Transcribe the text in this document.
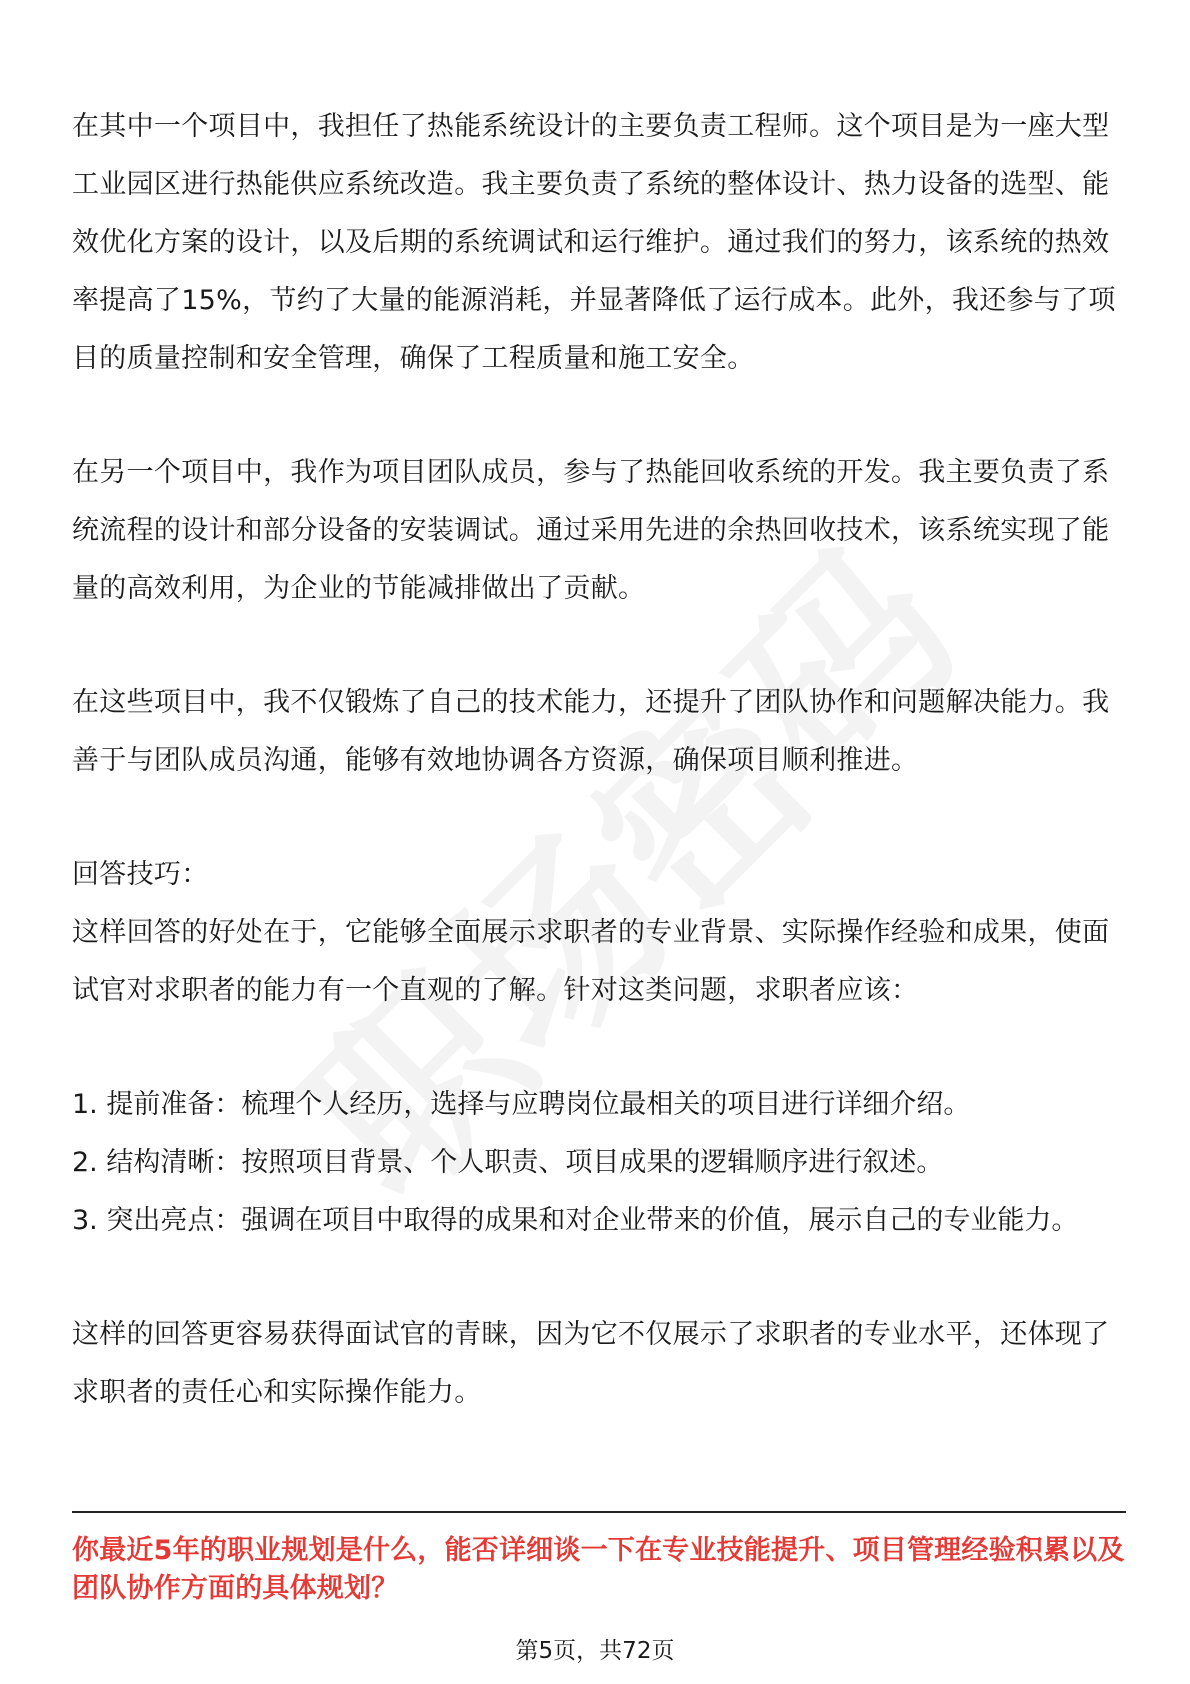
在其中一个项目中，我担任了热能系统设计的主要负责工程师。这个项目是为一座大型工业园区进行热能供应系统改造。我主要负责了系统的整体设计、热力设备的选型、能效优化方案的设计，以及后期的系统调试和运行维护。通过我们的努力，该系统的热效率提高了15%，节约了大量的能源消耗，并显著降低了运行成本。此外，我还参与了项目的质量控制和安全管理，确保了工程质量和施工安全。

在另一个项目中，我作为项目团队成员，参与了热能回收系统的开发。我主要负责了系统流程的设计和部分设备的安装调试。通过采用先进的余热回收技术，该系统实现了能量的高效利用，为企业的节能减排做出了贡献。

在这些项目中，我不仅锻炼了自己的技术能力，还提升了团队协作和问题解决能力。我善于与团队成员沟通，能够有效地协调各方资源，确保项目顺利推进。

回答技巧：

这样回答的好处在于，它能够全面展示求职者的专业背景、实际操作经验和成果，使面试官对求职者的能力有一个直观的了解。针对这类问题，求职者应该：

1. 提前准备：梳理个人经历，选择与应聘岗位最相关的项目进行详细介绍。

2. 结构清晰：按照项目背景、个人职责、项目成果的逻辑顺序进行叙述。

3. 突出亮点：强调在项目中取得的成果和对企业带来的价值，展示自己的专业能力。

这样的回答更容易获得面试官的青睐，因为它不仅展示了求职者的专业水平，还体现了求职者的责任心和实际操作能力。

你最近5年的职业规划是什么，能否详细谈一下在专业技能提升、项目管理经验积累以及团队协作方面的具体规划？
第5页，共72页
